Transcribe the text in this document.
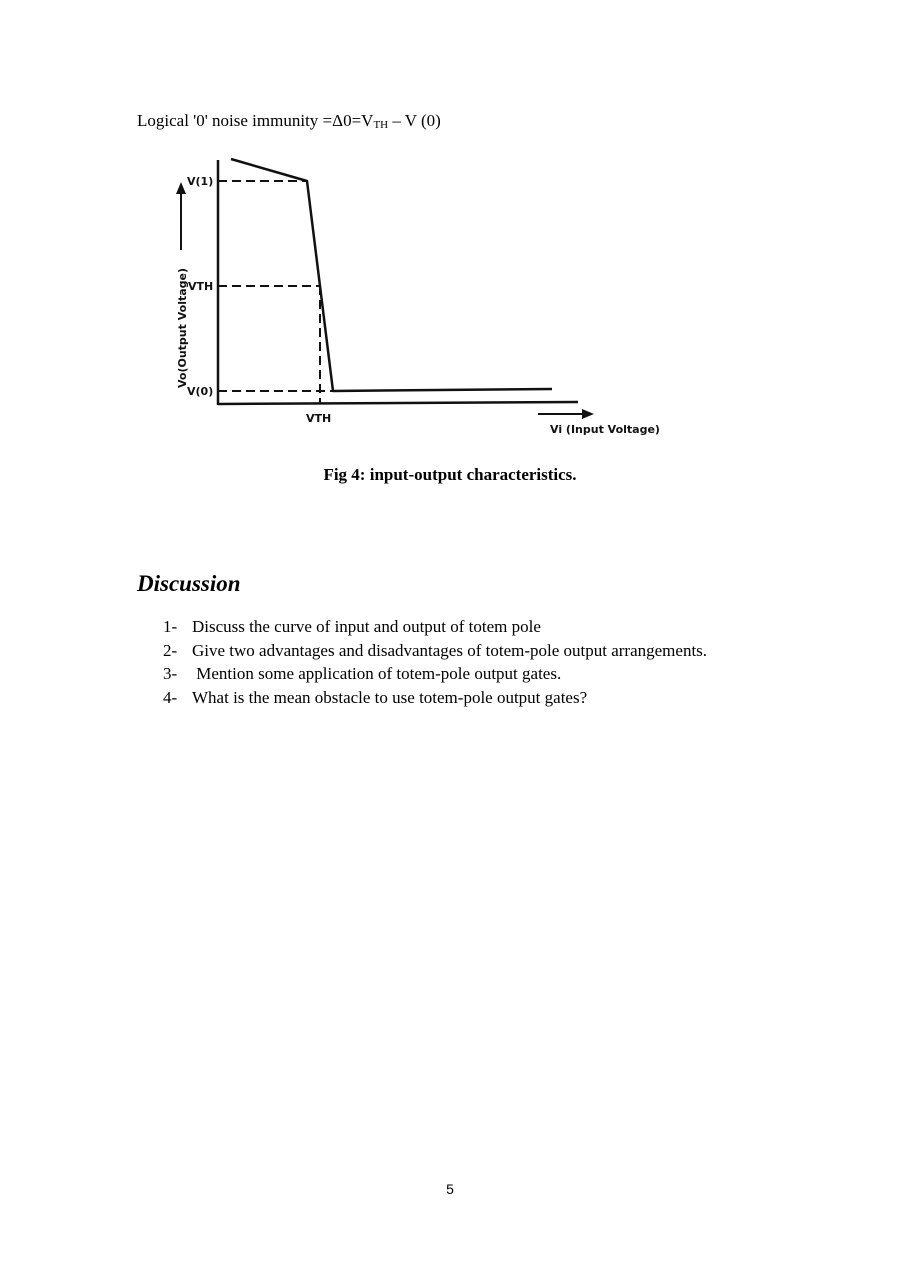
Logical '0' noise immunity $=\Delta 0=V_{TH} - V$ (0)
Vo(Output Voltage)
V(1)
VTH
V(0)
VTH
Vi (Input Voltage)
Fig 4: input-output characteristics.
Discussion
1- Discuss the curve of input and output of totem pole
2- Give two advantages and disadvantages of totem-pole output arrangements.
3- Mention some application of totem-pole output gates.
4- What is the mean obstacle to use totem-pole output gates?
5
